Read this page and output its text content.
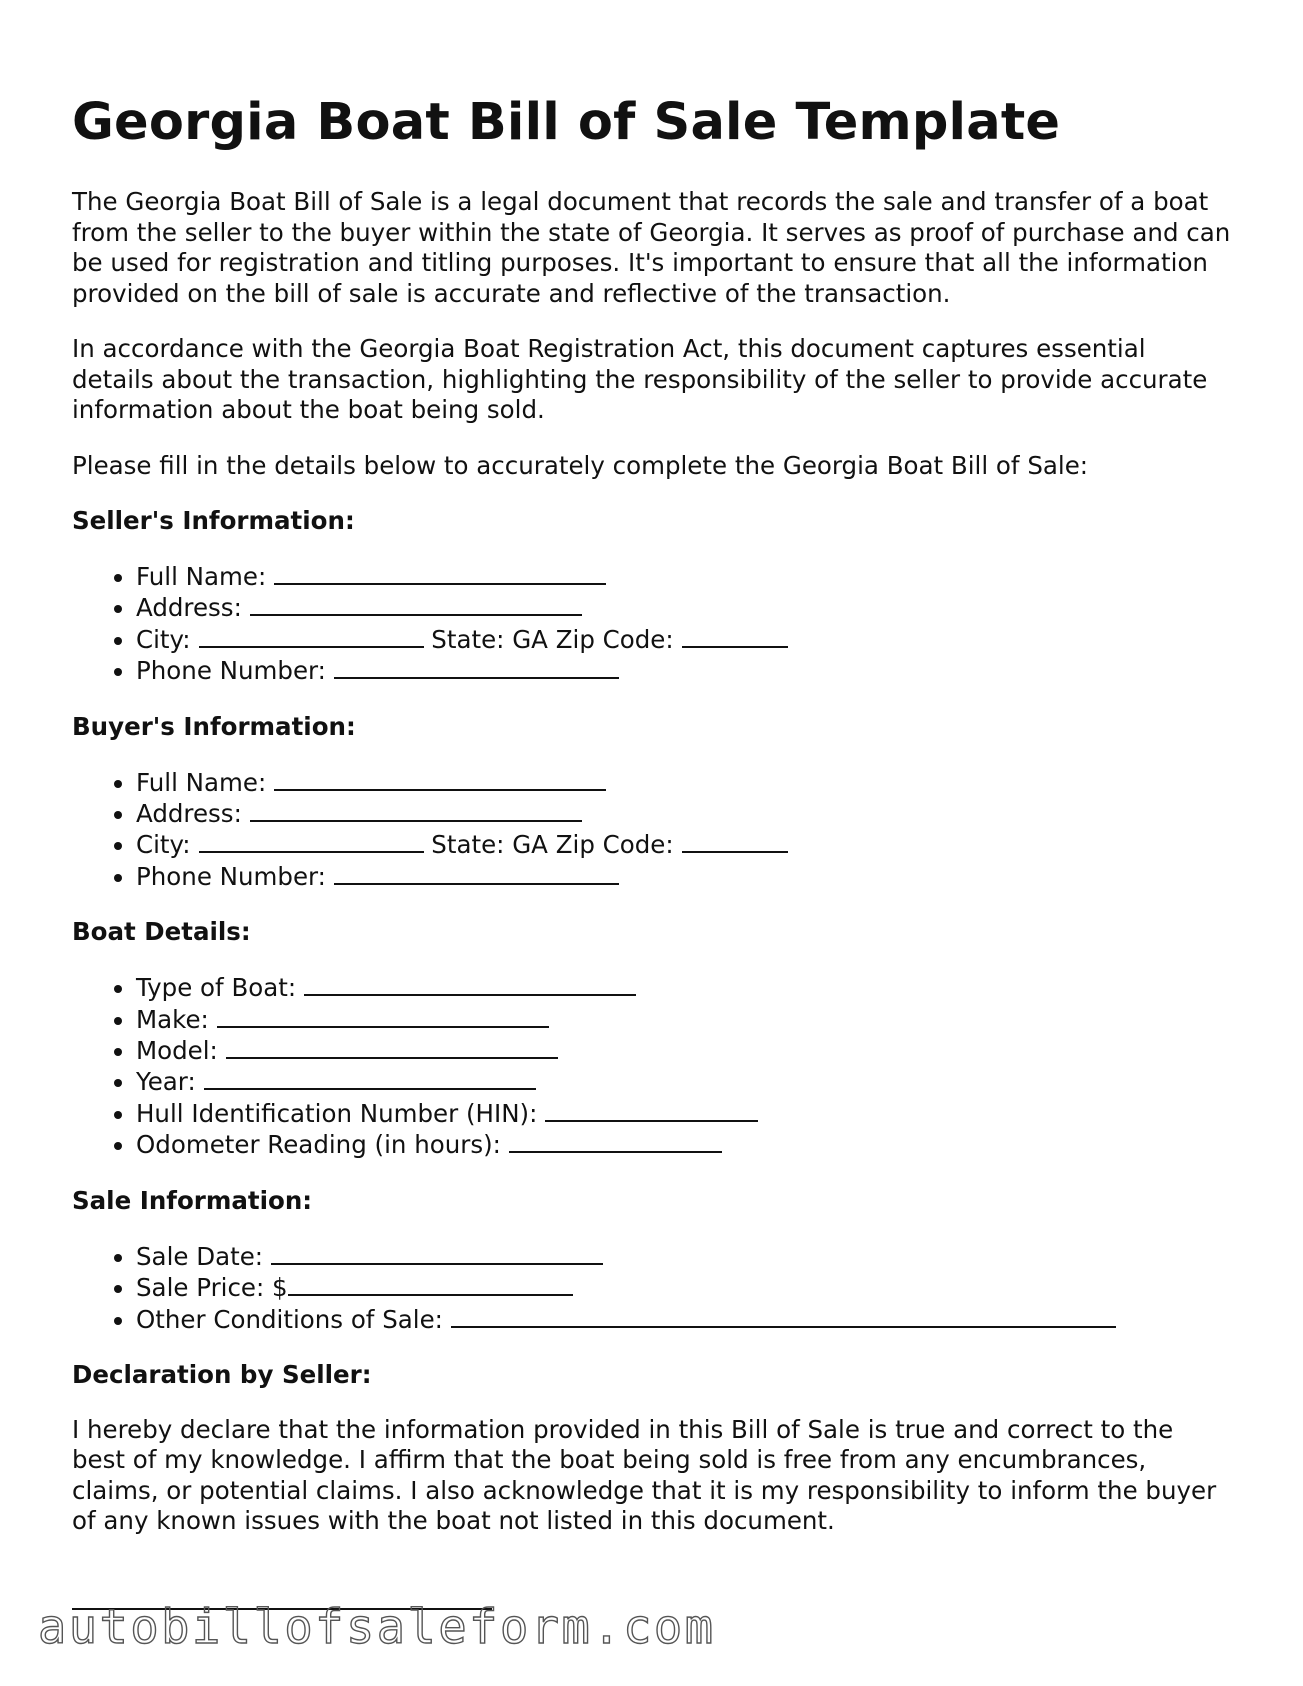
Georgia Boat Bill of Sale Template

The Georgia Boat Bill of Sale is a legal document that records the sale and transfer of a boat from the seller to the buyer within the state of Georgia. It serves as proof of purchase and can be used for registration and titling purposes. It's important to ensure that all the information provided on the bill of sale is accurate and reflective of the transaction.

In accordance with the Georgia Boat Registration Act, this document captures essential details about the transaction, highlighting the responsibility of the seller to provide accurate information about the boat being sold.

Please fill in the details below to accurately complete the Georgia Boat Bill of Sale:

Seller's Information:
• Full Name:
• Address:
• City:	State: GA Zip Code:
• Phone Number:
Buyer's Information:
• Full Name:
• Address:
• City:	State: GA Zip Code:
• Phone Number:
Boat Details:
• Type of Boat:
• Make:
• Model:
• Year:
• Hull Identification Number (HIN):
• Odometer Reading (in hours):
Sale Information:
• Sale Date:
• Sale Price: $
• Other Conditions of Sale:
Declaration by Seller:

I hereby declare that the information provided in this Bill of Sale is true and correct to the best of my knowledge. I affirm that the boat being sold is free from any encumbrances, claims, or potential claims. I also acknowledge that it is my responsibility to inform the buyer of any known issues with the boat not listed in this document.

autobillofsaleform.com
